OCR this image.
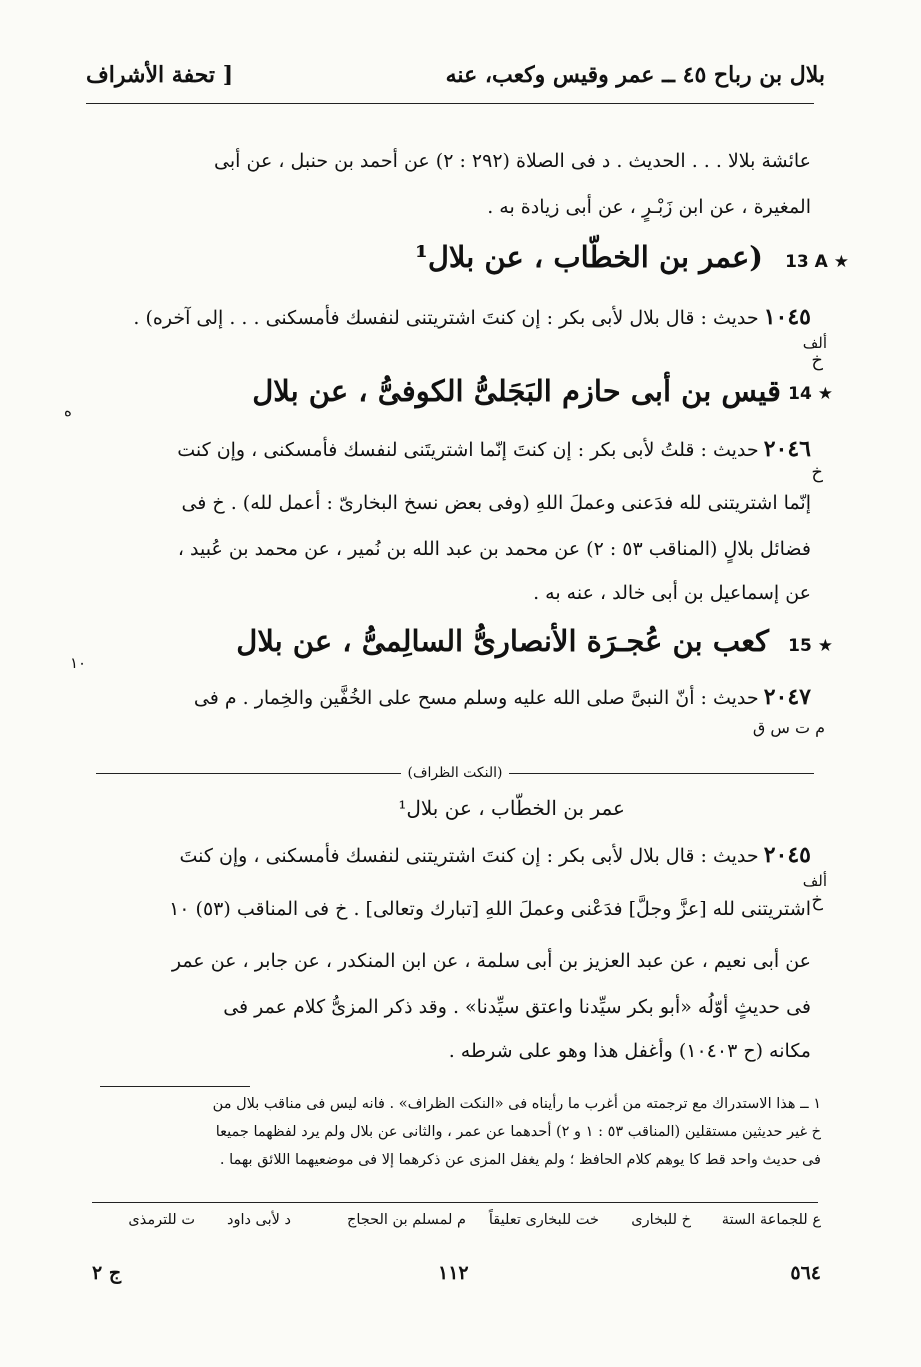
بلال بن رباح ٤٥ ــ عمر وقيس وكعب، عنه
[ تحفة الأشراف
عائشة بلالا . . . الحديث . د فى الصلاة (٢٩٢ : ٢) عن أحمد بن حنبل ، عن أبى
المغيرة ، عن ابن زَبْـرٍ ، عن أبى زيادة به .
13 A ★
(عمر بن الخطّاب ، عن بلال¹
١٠٤٥ حديث : قال بلال لأبى بكر : إن كنتَ اشتريتنى لنفسك فأمسكنى . . . إلى آخره) .
ألف
خ
14 ★
قيس بن أبى حازم البَجَلىُّ الكوفىُّ ، عن بلال
ه
٢٠٤٦ حديث : قلتُ لأبى بكر : إن كنتَ إنّما اشتريتَنى لنفسك فأمسكنى ، وإن كنت
خ
إنّما اشتريتنى لله فدَعنى وعملَ اللهِ (وفى بعض نسخ البخارىّ : أعمل لله) . خ فى
فضائل بلالٍ (المناقب ٥٣ : ٢) عن محمد بن عبد الله بن نُمير ، عن محمد بن عُبيد ،
عن إسماعيل بن أبى خالد ، عنه به .
15 ★
كعب بن عُجـرَة الأنصارىُّ السالِمىُّ ، عن بلال
١٠
٢٠٤٧ حديث : أنّ النبىَّ صلى الله عليه وسلم مسح على الخُفَّين والخِمار . م فى
م ت س ق
(النكت الظراف)
عمر بن الخطّاب ، عن بلال¹
٢٠٤٥ حديث : قال بلال لأبى بكر : إن كنتَ اشتريتنى لنفسك فأمسكنى ، وإن كنتَ
ألف
خ
اشتريتنى لله [عزَّ وجلَّ] فدَعْنى وعملَ اللهِ [تبارك وتعالى] . خ فى المناقب (٥٣) ١٠
عن أبى نعيم ، عن عبد العزيز بن أبى سلمة ، عن ابن المنكدر ، عن جابر ، عن عمر
فى حديثٍ أوّلُه «أبو بكر سيِّدنا واعتق سيِّدنا» . وقد ذكر المزىُّ كلام عمر فى
مكانه (ح ١٠٤٠٣) وأغفل هذا وهو على شرطه .
١ ــ هذا الاستدراك مع ترجمته من أغرب ما رأيناه فى «النكت الظراف» . فانه ليس فى مناقب بلال من
خ غير حديثين مستقلين (المناقب ٥٣ : ١ و ٢) أحدهما عن عمر ، والثانى عن بلال ولم يرد لفظهما جميعا
فى حديث واحد قط كا يوهم كلام الحافظ ؛ ولم يغفل المزى عن ذكرهما إلا فى موضعيهما اللائق بهما .
ع للجماعة الستة
خ للبخارى
خت للبخارى تعليقاً
م لمسلم بن الحجاج
د لأبى داود
ت للترمذى
٥٦٤
١١٢
ج ٢
